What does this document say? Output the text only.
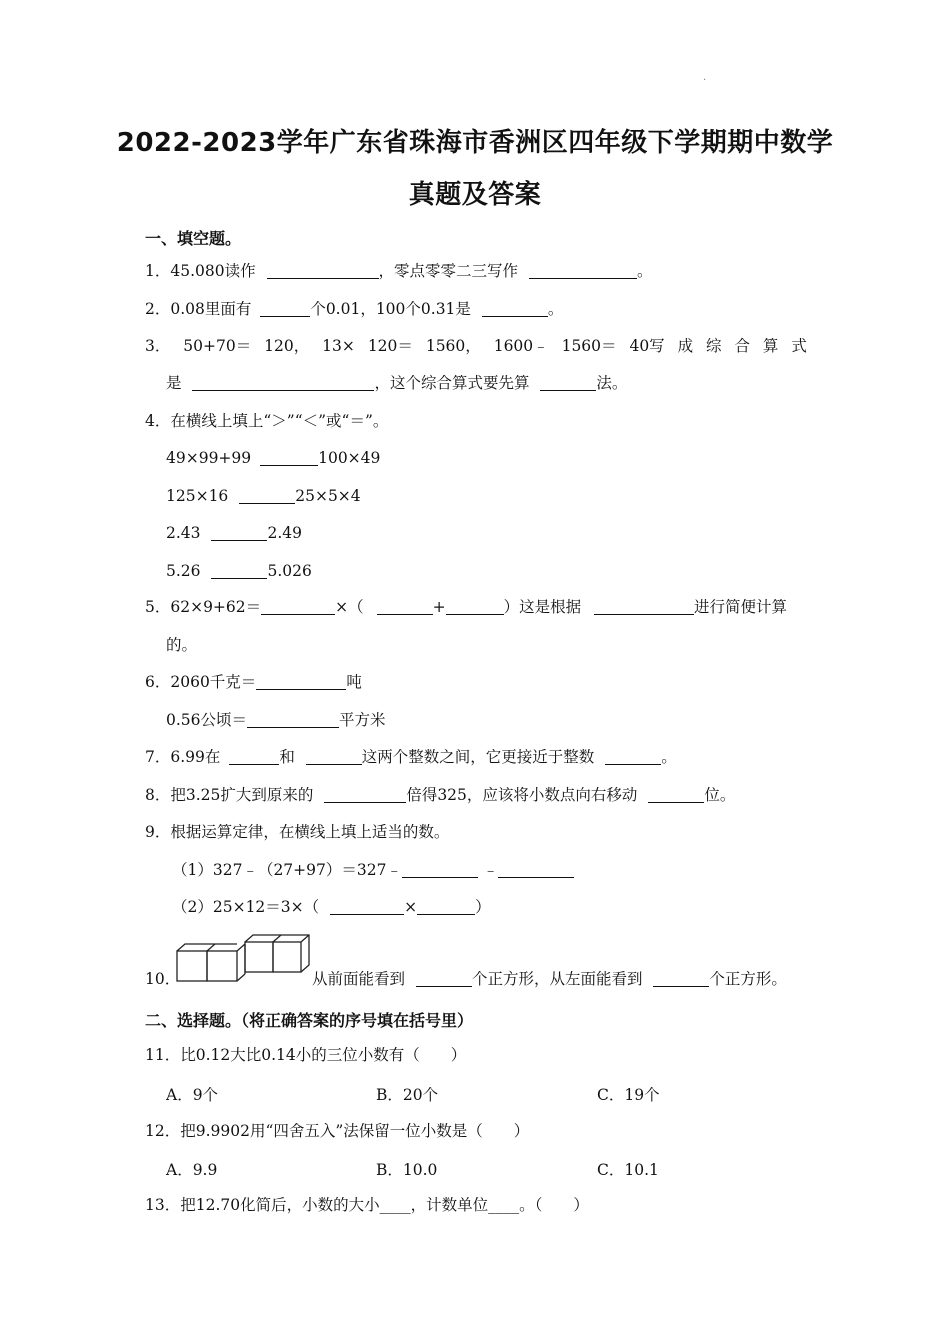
.
2022-2023学年广东省珠海市香洲区四年级下学期期中数学
真题及答案
一、填空题。
1．45.080读作	，零点零零二三写作	。
2．0.08里面有	个0.01，100个0.31是	。
3． 50+70＝ 120， 13× 120＝ 1560， 1600﹣ 1560＝ 40写 成 综 合 算 式
是	，这个综合算式要先算	法。
4．在横线上填上“＞”“＜”或“＝”。
49×99+99	100×49
125×16	25×5×4
2.43	2.49
5.26	5.026
5．62×9+62＝	×（	+	）这是根据	进行简便计算
的。
6．2060千克＝	吨
0.56公顷＝	平方米
7．6.99在	和	这两个整数之间，它更接近于整数	。
8．把3.25扩大到原来的	倍得325，应该将小数点向右移动	位。
9．根据运算定律，在横线上填上适当的数。
（1）327﹣（27+97）＝327﹣	﹣
（2）25×12＝3×（	×	）
10．	从前面能看到	个正方形，从左面能看到	个正方形。
二、选择题。（将正确答案的序号填在括号里）
11．比0.12大比0.14小的三位小数有（　　）
A．9个	B．20个	C．19个
12．把9.9902用“四舍五入”法保留一位小数是（　　）
A．9.9	B．10.0	C．10.1
13．把12.70化简后，小数的大小____，计数单位____。（　　）
